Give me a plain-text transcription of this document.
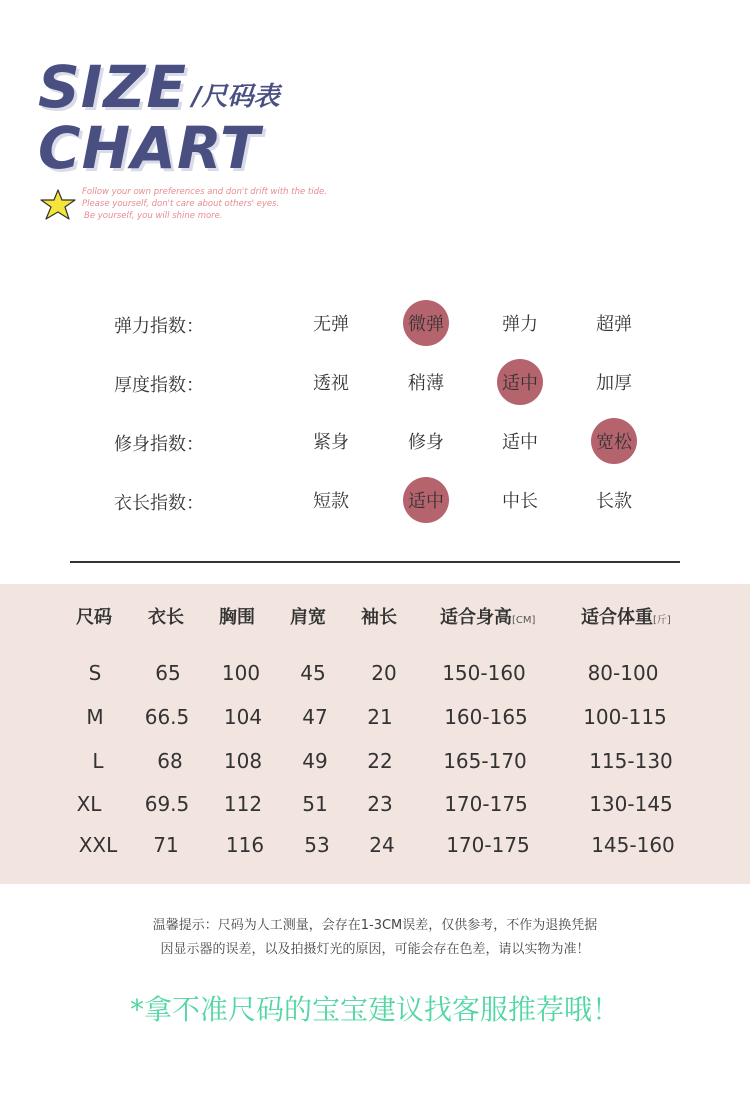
SIZE
CHART
/尺码表
Follow your own preferences and don't drift with the tide.
Please yourself, don't care about others' eyes.
Be yourself, you will shine more.
弹力指数：	无弹	微弹	弹力	超弹
厚度指数：	透视	稍薄	适中	加厚
修身指数：	紧身	修身	适中	宽松
衣长指数：	短款	适中	中长	长款
尺码 衣长 胸围 肩宽 袖长 适合身高[CM]	适合体重[斤]
S	65 100 45 20 150-160	80-100
M 66.5 104 47 21	160-165	100-115
L	68 108 49 22	165-170	115-130
XL 69.5 112 51 23	170-175	130-145
XXL 71 116 53 24	170-175	145-160
温馨提示：尺码为人工测量，会存在1-3CM误差，仅供参考，不作为退换凭据
因显示器的误差，以及拍摄灯光的原因，可能会存在色差，请以实物为准！
*拿不准尺码的宝宝建议找客服推荐哦！
